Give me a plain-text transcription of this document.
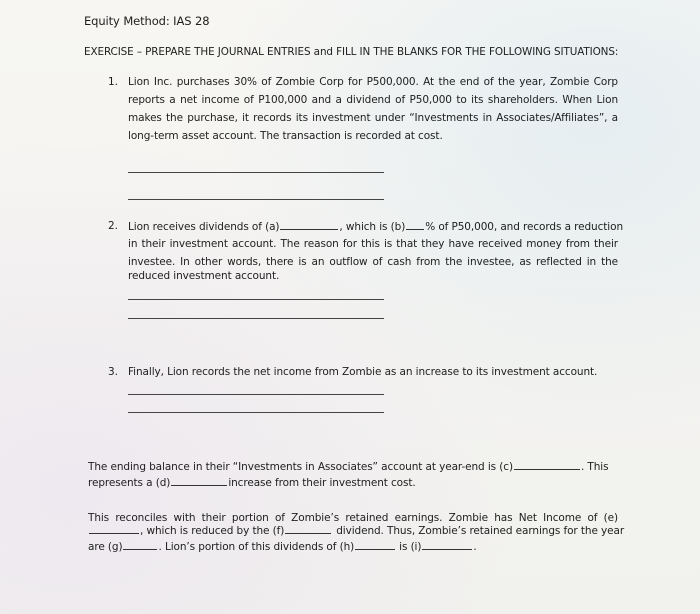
Equity Method: IAS 28
EXERCISE – PREPARE THE JOURNAL ENTRIES and FILL IN THE BLANKS FOR THE FOLLOWING SITUATIONS:
1. Lion Inc. purchases 30% of Zombie Corp for P500,000. At the end of the year, Zombie Corp
reports a net income of P100,000 and a dividend of P50,000 to its shareholders. When Lion
makes the purchase, it records its investment under “Investments in Associates/Affiliates”, a
long-term asset account. The transaction is recorded at cost.
2. Lion receives dividends of (a)	, which is (b) % of P50,000, and records a reduction
in their investment account. The reason for this is that they have received money from their
investee. In other words, there is an outflow of cash from the investee, as reflected in the
reduced investment account.
3. Finally, Lion records the net income from Zombie as an increase to its investment account.
The ending balance in their “Investments in Associates” account at year-end is (c)	. This
represents a (d)	increase from their investment cost.
This reconciles with their portion of Zombie’s retained earnings. Zombie has Net Income of (e)
, which is reduced by the (f)	dividend. Thus, Zombie’s retained earnings for the year
are (g)	. Lion’s portion of this dividends of (h)	is (i)	.
